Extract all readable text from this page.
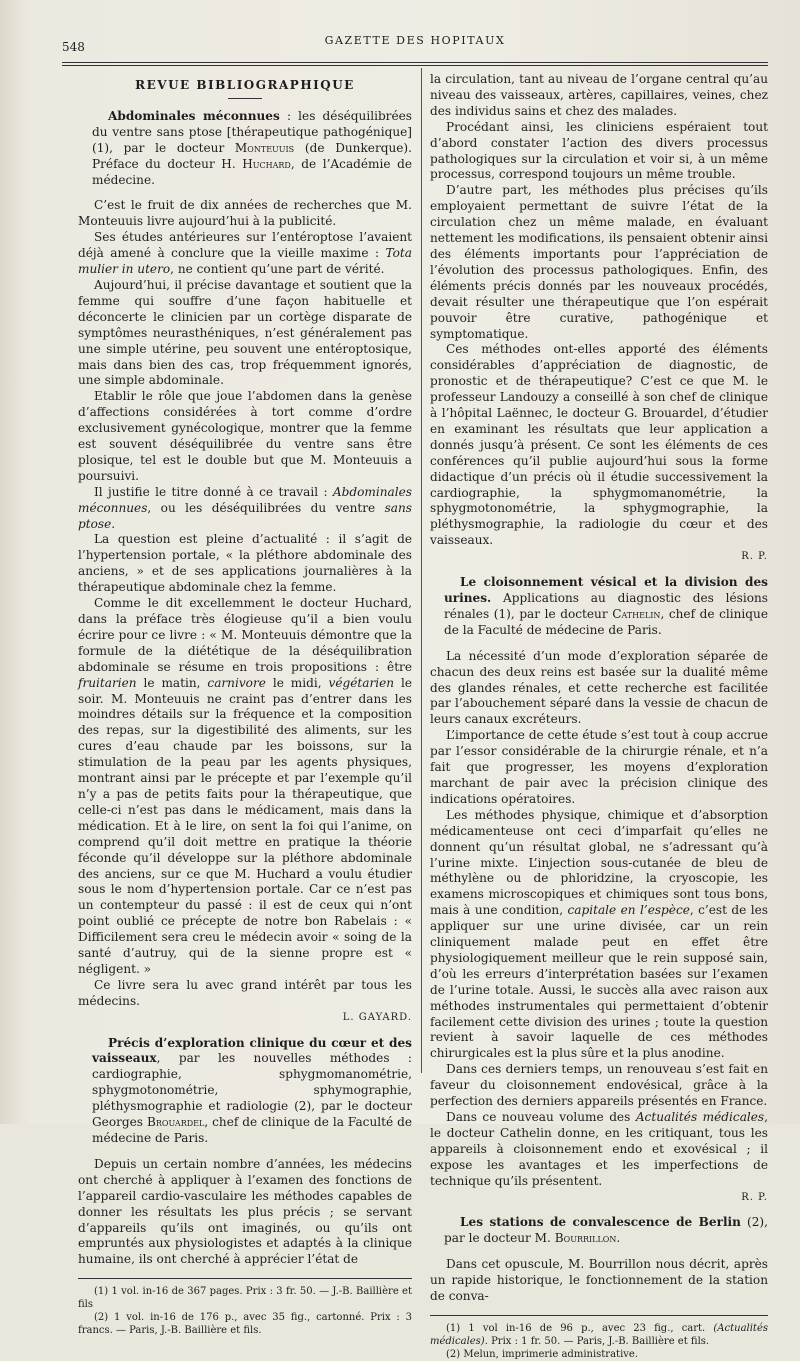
548	GAZETTE DES HOPITAUX
REVUE BIBLIOGRAPHIQUE

Abdominales méconnues : les déséquilibrées du ventre sans ptose [thérapeutique pathogénique] (1), par le docteur Monteuuis (de Dunkerque). Préface du docteur H. Huchard, de l’Académie de médecine.

C’est le fruit de dix années de recherches que M. Monteuuis livre aujourd’hui à la publicité.

Ses études antérieures sur l’entéroptose l’avaient déjà amené à conclure que la vieille maxime : Tota mulier in utero, ne contient qu’une part de vérité.

Aujourd’hui, il précise davantage et soutient que la femme qui souffre d’une façon habituelle et déconcerte le clinicien par un cortège disparate de symptômes neurasthéniques, n’est généralement pas une simple utérine, peu souvent une entéroptosique, mais dans bien des cas, trop fréquemment ignorés, une simple abdominale.

Etablir le rôle que joue l’abdomen dans la genèse d’affections considérées à tort comme d’ordre exclusivement gynécologique, montrer que la femme est souvent déséquilibrée du ventre sans être plosique, tel est le double but que M. Monteuuis a poursuivi.

Il justifie le titre donné à ce travail : Abdominales méconnues, ou les déséquilibrées du ventre sans ptose.

La question est pleine d’actualité : il s’agit de l’hypertension portale, « la pléthore abdominale des anciens, » et de ses applications journalières à la thérapeutique abdominale chez la femme.

Comme le dit excellemment le docteur Huchard, dans la préface très élogieuse qu’il a bien voulu écrire pour ce livre : « M. Monteuuis démontre que la formule de la diététique de la déséquilibration abdominale se résume en trois propositions : être fruitarien le matin, carnivore le midi, végétarien le soir. M. Monteuuis ne craint pas d’entrer dans les moindres détails sur la fréquence et la composition des repas, sur la digestibilité des aliments, sur les cures d’eau chaude par les boissons, sur la stimulation de la peau par les agents physiques, montrant ainsi par le précepte et par l’exemple qu’il n’y a pas de petits faits pour la thérapeutique, que celle-ci n’est pas dans le médicament, mais dans la médication. Et à le lire, on sent la foi qui l’anime, on comprend qu’il doit mettre en pratique la théorie féconde qu’il développe sur la pléthore abdominale des anciens, sur ce que M. Huchard a voulu étudier sous le nom d’hypertension portale. Car ce n’est pas un contempteur du passé : il est de ceux qui n’ont point oublié ce précepte de notre bon Rabelais : « Difficilement sera creu le médecin avoir « soing de la santé d’autruy, qui de la sienne propre est « négligent. »

Ce livre sera lu avec grand intérêt par tous les médecins.

L. GAYARD.

Précis d’exploration clinique du cœur et des vaisseaux, par les nouvelles méthodes : cardiographie, sphygmomanométrie, sphygmotonométrie, sphymographie, pléthysmographie et radiologie (2), par le docteur Georges Brouardel, chef de clinique de la Faculté de médecine de Paris.

Depuis un certain nombre d’années, les médecins ont cherché à appliquer à l’examen des fonctions de l’appareil cardio-vasculaire les méthodes capables de donner les résultats les plus précis ; se servant d’appareils qu’ils ont imaginés, ou qu’ils ont empruntés aux physiologistes et adaptés à la clinique humaine, ils ont cherché à apprécier l’état de

(1) 1 vol. in-16 de 367 pages. Prix : 3 fr. 50. — J.-B. Baillière et fils

(2) 1 vol. in-16 de 176 p., avec 35 fig., cartonné. Prix : 3 francs. — Paris, J.-B. Baillière et fils.

la circulation, tant au niveau de l’organe central qu’au niveau des vaisseaux, artères, capillaires, veines, chez des individus sains et chez des malades.

Procédant ainsi, les cliniciens espéraient tout d’abord constater l’action des divers processus pathologiques sur la circulation et voir si, à un même processus, correspond toujours un même trouble.

D’autre part, les méthodes plus précises qu’ils employaient permettant de suivre l’état de la circulation chez un même malade, en évaluant nettement les modifications, ils pensaient obtenir ainsi des éléments importants pour l’appréciation de l’évolution des processus pathologiques. Enfin, des éléments précis donnés par les nouveaux procédés, devait résulter une thérapeutique que l’on espérait pouvoir être curative, pathogénique et symptomatique.

Ces méthodes ont-elles apporté des éléments considérables d’appréciation de diagnostic, de pronostic et de thérapeutique? C’est ce que M. le professeur Landouzy a conseillé à son chef de clinique à l’hôpital Laënnec, le docteur G. Brouardel, d’étudier en examinant les résultats que leur application a donnés jusqu’à présent. Ce sont les éléments de ces conférences qu’il publie aujourd’hui sous la forme didactique d’un précis où il étudie successivement la cardiographie, la sphygmomanométrie, la sphygmotonométrie, la sphygmographie, la pléthysmographie, la radiologie du cœur et des vaisseaux.

R. P.

Le cloisonnement vésical et la division des urines. Applications au diagnostic des lésions rénales (1), par le docteur Cathelin, chef de clinique de la Faculté de médecine de Paris.

La nécessité d’un mode d’exploration séparée de chacun des deux reins est basée sur la dualité même des glandes rénales, et cette recherche est facilitée par l’abouchement séparé dans la vessie de chacun de leurs canaux excréteurs.

L’importance de cette étude s’est tout à coup accrue par l’essor considérable de la chirurgie rénale, et n’a fait que progresser, les moyens d’exploration marchant de pair avec la précision clinique des indications opératoires.

Les méthodes physique, chimique et d’absorption médicamenteuse ont ceci d’imparfait qu’elles ne donnent qu’un résultat global, ne s’adressant qu’à l’urine mixte. L’injection sous-cutanée de bleu de méthylène ou de phloridzine, la cryoscopie, les examens microscopiques et chimiques sont tous bons, mais à une condition, capitale en l’espèce, c’est de les appliquer sur une urine divisée, car un rein cliniquement malade peut en effet être physiologiquement meilleur que le rein supposé sain, d’où les erreurs d’interprétation basées sur l’examen de l’urine totale. Aussi, le succès alla avec raison aux méthodes instrumentales qui permettaient d’obtenir facilement cette division des urines ; toute la question revient à savoir laquelle de ces méthodes chirurgicales est la plus sûre et la plus anodine.

Dans ces derniers temps, un renouveau s’est fait en faveur du cloisonnement endovésical, grâce à la perfection des derniers appareils présentés en France.

Dans ce nouveau volume des Actualités médicales, le docteur Cathelin donne, en les critiquant, tous les appareils à cloisonnement endo et exovésical ; il expose les avantages et les imperfections de technique qu’ils présentent.

R. P.

Les stations de convalescence de Berlin (2), par le docteur M. Bourrillon.

Dans cet opuscule, M. Bourrillon nous décrit, après un rapide historique, le fonctionnement de la station de conva-

(1) 1 vol in-16 de 96 p., avec 23 fig., cart. (Actualités médicales). Prix : 1 fr. 50. — Paris, J.-B. Baillière et fils.

(2) Melun, imprimerie administrative.
